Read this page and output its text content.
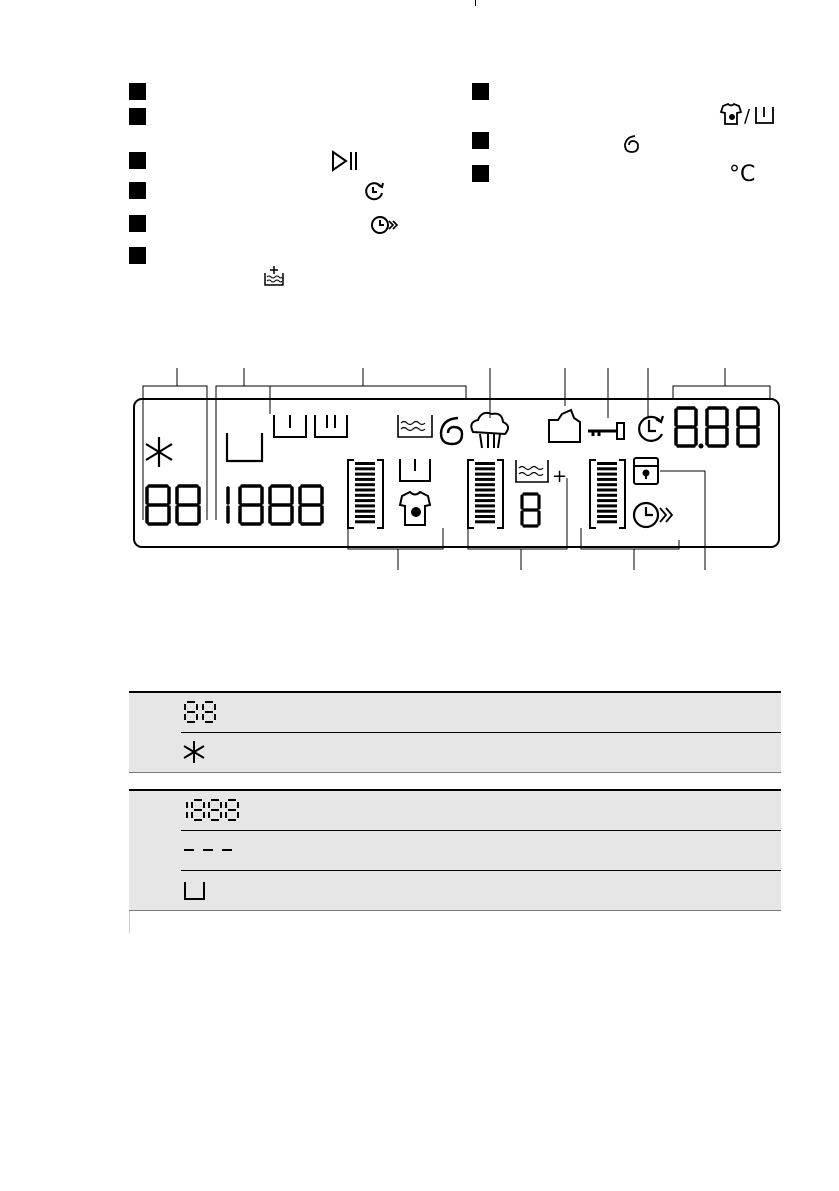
/
°C
+
